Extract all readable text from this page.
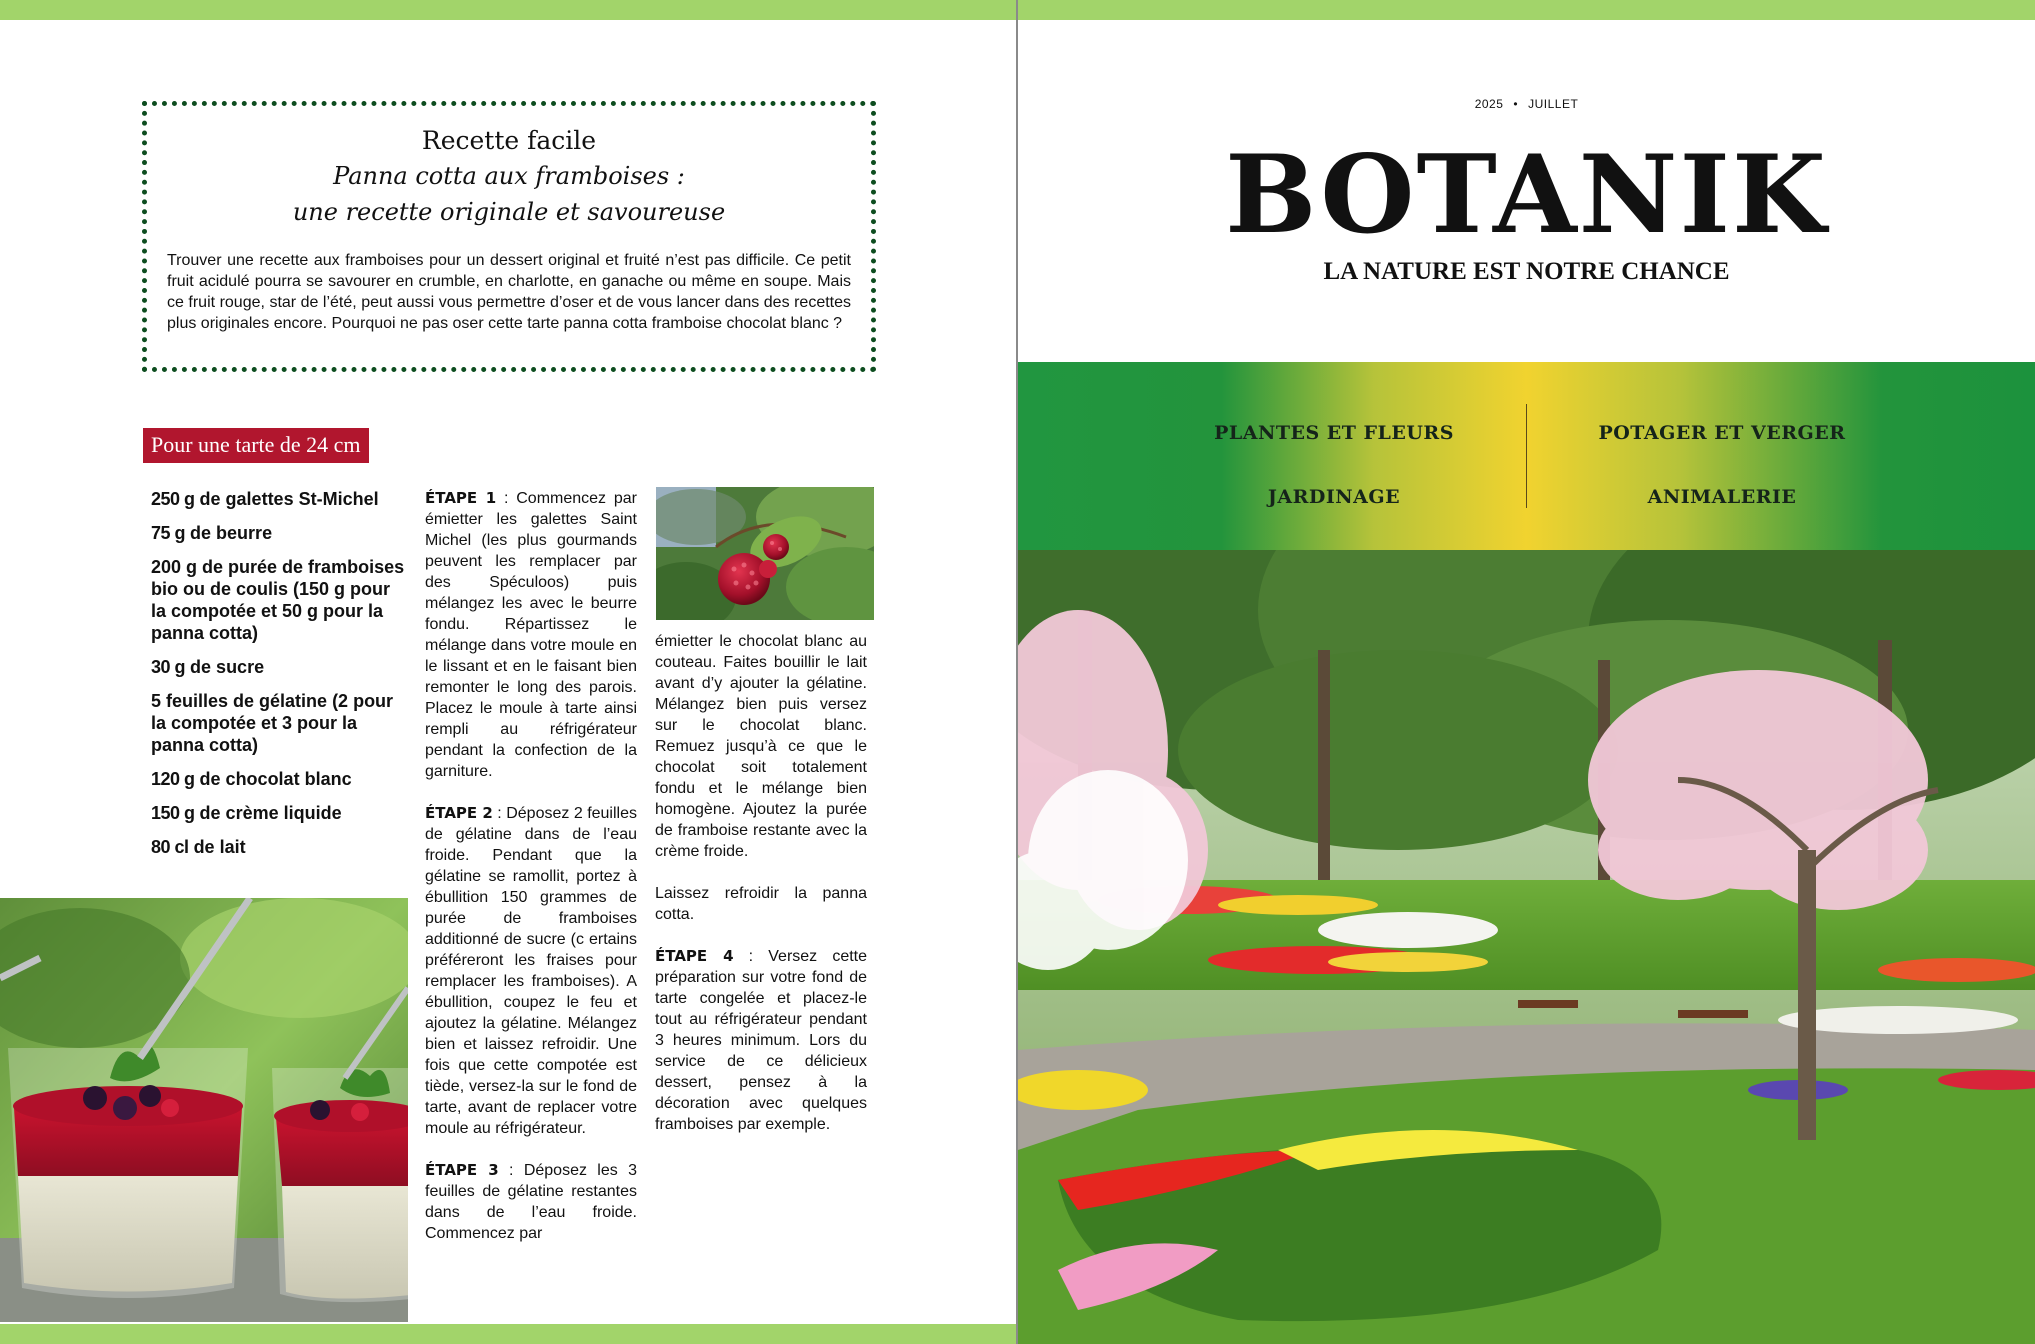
Recette facile
Panna cotta aux framboises :
une recette originale et savoureuse
Trouver une recette aux framboises pour un dessert original et fruité n’est pas difficile. Ce petit fruit acidulé pourra se savourer en crumble, en charlotte, en ganache ou même en soupe. Mais ce fruit rouge, star de l’été, peut aussi vous permettre d’oser et de vous lancer dans des recettes plus originales encore. Pourquoi ne pas oser cette tarte panna cotta framboise chocolat blanc ?
Pour une tarte de 24 cm
250 g de galettes St-Michel
75 g de beurre
200 g de purée de framboises bio ou de coulis (150 g pour la compotée et 50 g pour la panna cotta)
30 g de sucre
5 feuilles de gélatine (2 pour la compotée et 3 pour la panna cotta)
120 g de chocolat blanc
150 g de crème liquide
80 cl de lait

ÉTAPE 1 : Commencez par émietter les galettes Saint Michel (les plus gourmands peuvent les remplacer par des Spéculoos) puis mélangez les avec le beurre fondu. Répartissez le mélange dans votre moule en le lissant et en le faisant bien remonter le long des parois. Placez le moule à tarte ainsi rempli au réfrigérateur pendant la confection de la garniture.

ÉTAPE 2 : Déposez 2 feuilles de gélatine dans de l’eau froide. Pendant que la gélatine se ramollit, portez à ébullition 150 grammes de purée de framboises additionné de sucre (c ertains préféreront les fraises pour remplacer les framboises). A ébullition, coupez le feu et ajoutez la gélatine. Mélangez bien et laissez refroidir. Une fois que cette compotée est tiède, versez-la sur le fond de tarte, avant de replacer votre moule au réfrigérateur.

ÉTAPE 3 : Déposez les 3 feuilles de gélatine restantes dans de l’eau froide. Commencez par

émietter le chocolat blanc au couteau. Faites bouillir le lait avant d’y ajouter la gélatine. Mélangez bien puis versez sur le chocolat blanc. Remuez jusqu’à ce que le chocolat soit totalement fondu et le mélange bien homogène. Ajoutez la purée de framboise restante avec la crème froide.

Laissez refroidir la panna cotta.

ÉTAPE 4 : Versez cette préparation sur votre fond de tarte congelée et placez-le tout au réfrigérateur pendant 3 heures minimum. Lors du service de ce délicieux dessert, pensez à la décoration avec quelques framboises par exemple.

2025 • JUILLET
BOTANIK
LA NATURE EST NOTRE CHANCE
PLANTES ET FLEURS	POTAGER ET VERGER
JARDINAGE	ANIMALERIE
